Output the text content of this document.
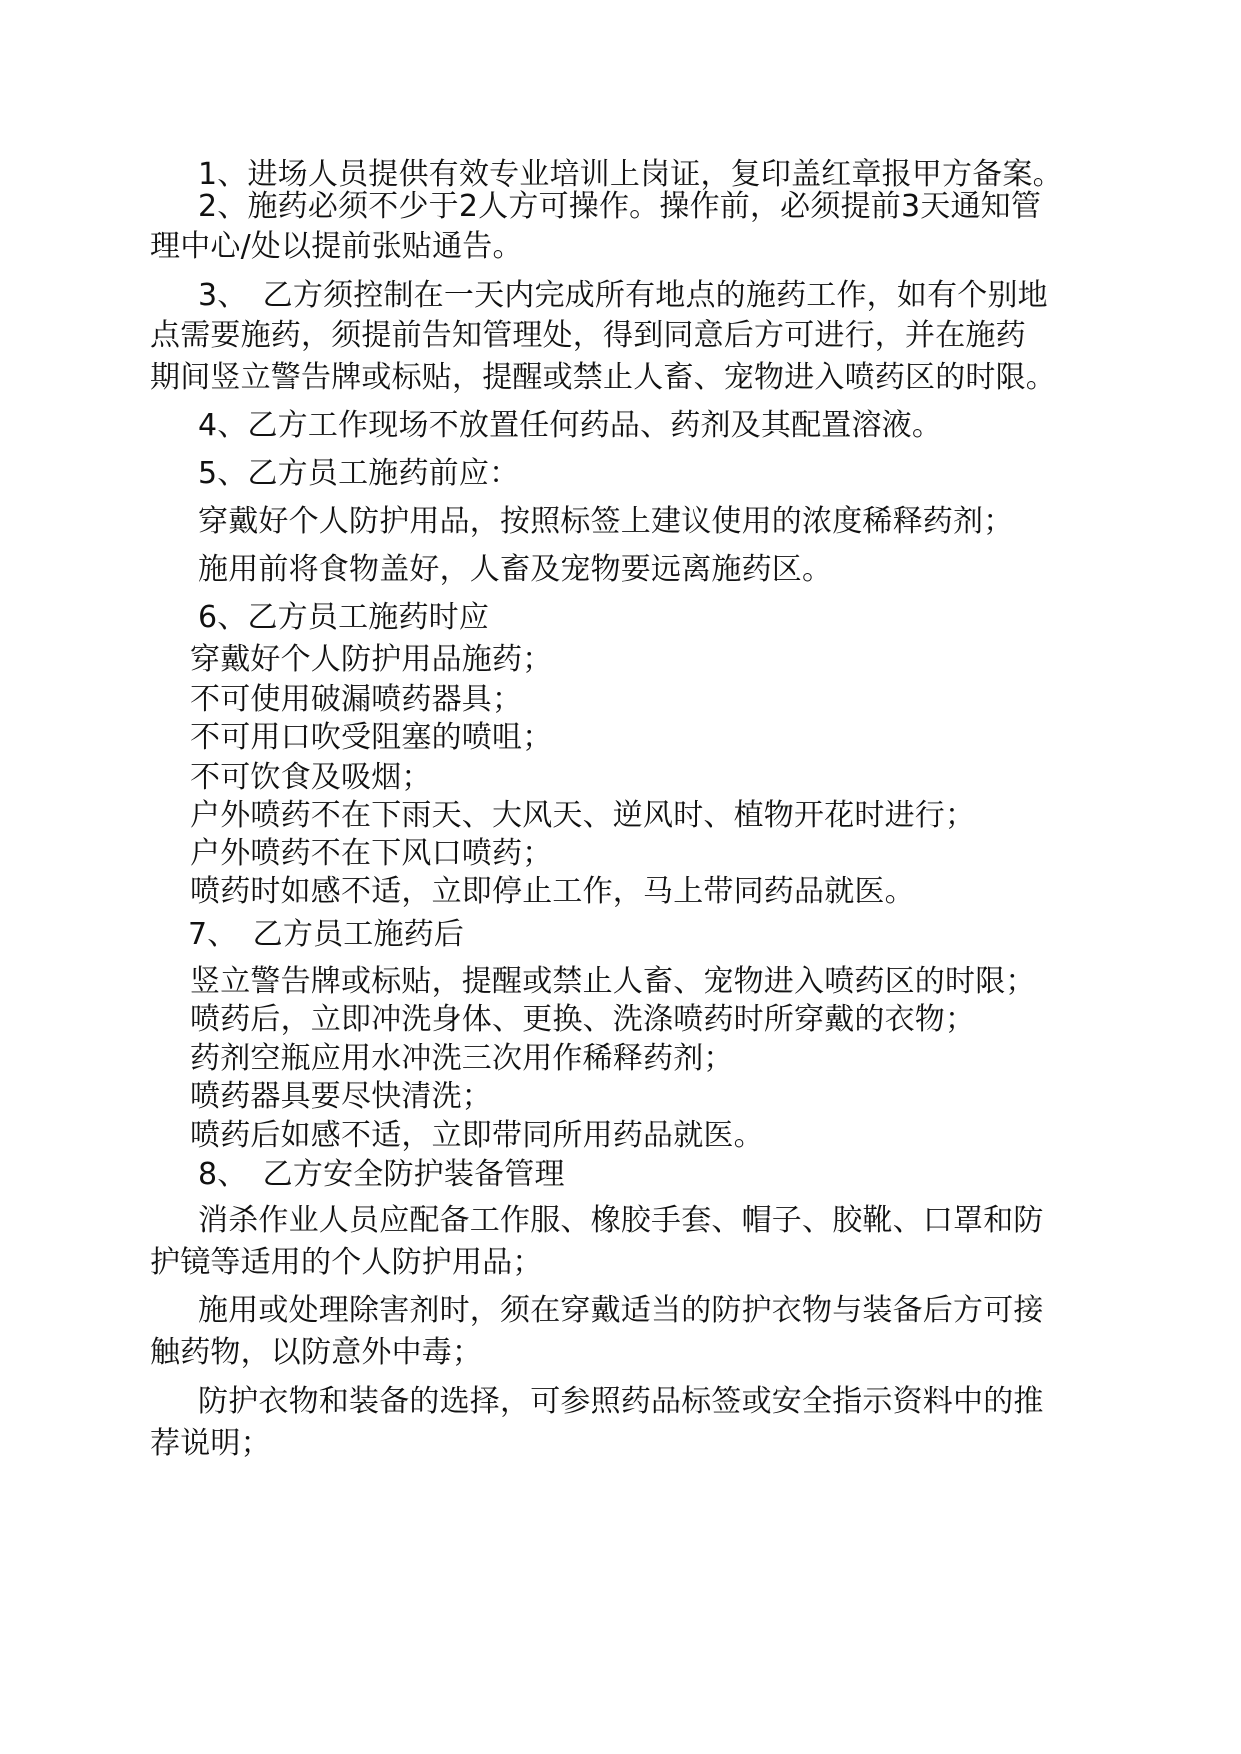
1、进场人员提供有效专业培训上岗证，复印盖红章报甲方备案。
2、施药必须不少于2人方可操作。操作前，必须提前3天通知管
理中心/处以提前张贴通告。
3、　乙方须控制在一天内完成所有地点的施药工作，如有个别地
点需要施药，须提前告知管理处，得到同意后方可进行，并在施药
期间竖立警告牌或标贴，提醒或禁止人畜、宠物进入喷药区的时限。
4、乙方工作现场不放置任何药品、药剂及其配置溶液。
5、乙方员工施药前应：
穿戴好个人防护用品，按照标签上建议使用的浓度稀释药剂；
施用前将食物盖好，人畜及宠物要远离施药区。
6、乙方员工施药时应
穿戴好个人防护用品施药；
不可使用破漏喷药器具；
不可用口吹受阻塞的喷咀；
不可饮食及吸烟；
户外喷药不在下雨天、大风天、逆风时、植物开花时进行；
户外喷药不在下风口喷药；
喷药时如感不适，立即停止工作，马上带同药品就医。
7、　乙方员工施药后
竖立警告牌或标贴，提醒或禁止人畜、宠物进入喷药区的时限；
喷药后，立即冲洗身体、更换、洗涤喷药时所穿戴的衣物；
药剂空瓶应用水冲洗三次用作稀释药剂；
喷药器具要尽快清洗；
喷药后如感不适，立即带同所用药品就医。
8、　乙方安全防护装备管理
消杀作业人员应配备工作服、橡胶手套、帽子、胶靴、口罩和防
护镜等适用的个人防护用品；
施用或处理除害剂时，须在穿戴适当的防护衣物与装备后方可接
触药物，以防意外中毒；
防护衣物和装备的选择，可参照药品标签或安全指示资料中的推
荐说明；
